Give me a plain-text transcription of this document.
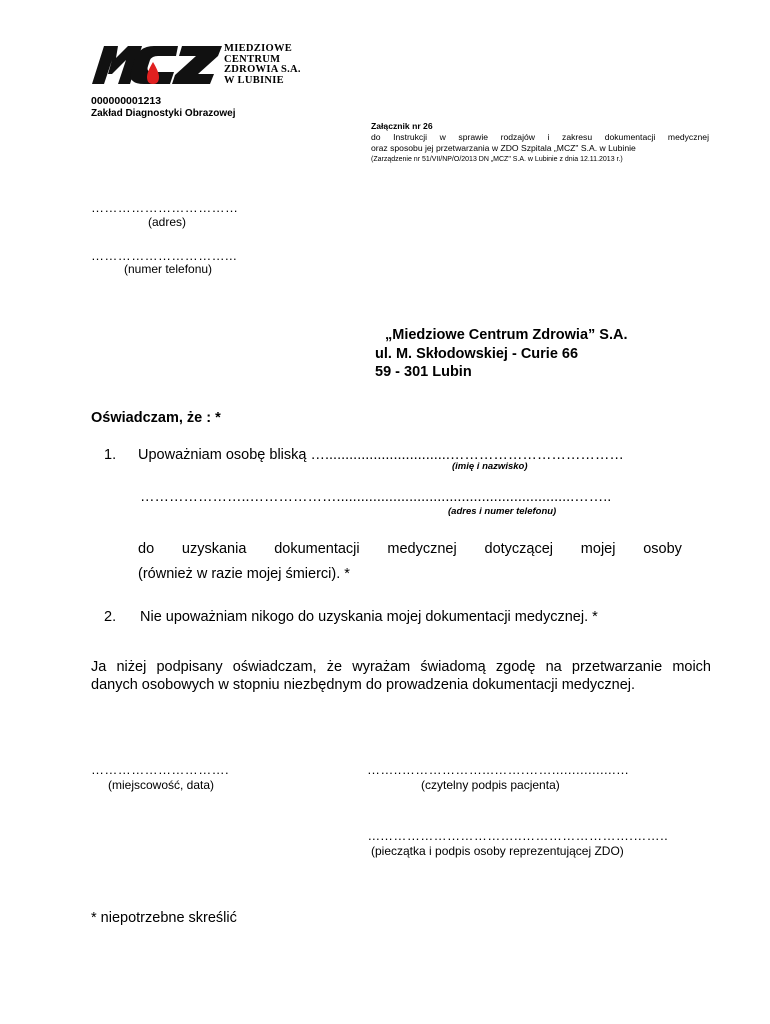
MIEDZIOWE
CENTRUM
ZDROWIA S.A.
W LUBINIE
000000001213
Zakład Diagnostyki Obrazowej
Załącznik nr 26
do Instrukcji w sprawie rodzajów i zakresu dokumentacji medycznej
oraz sposobu jej przetwarzania w ZDO Szpitala „MCZ" S.A. w Lubinie
(Zarządzenie nr 51/VII/NP/O/2013 DN „MCZ" S.A. w Lubinie z dnia 12.11.2013 r.)
……………………………
(adres)
…………………………...
(numer telefonu)
„Miedziowe Centrum Zdrowia” S.A.
ul. M. Skłodowskiej - Curie 66
59 - 301 Lubin
Oświadczam, że : *
1. Upoważniam osobę bliską …...............................………………………………
(imię i nazwisko)
…………………..………………...........................................................……..
(adres i numer telefonu)
do uzyskania dokumentacji medycznej dotyczącej mojej osoby
(również w razie mojej śmierci). *
2. Nie upoważniam nikogo do uzyskania mojej dokumentacji medycznej. *
Ja niżej podpisany oświadczam, że wyrażam świadomą zgodę na przetwarzanie moich
danych osobowych w stopniu niezbędnym do prowadzenia dokumentacji medycznej.
………………………….
(miejscowość, data)
……..………………...…….……................…
(czytelny podpis pacjenta)
...…………………………..…………………….……..
(pieczątka i podpis osoby reprezentującej ZDO)
* niepotrzebne skreślić
